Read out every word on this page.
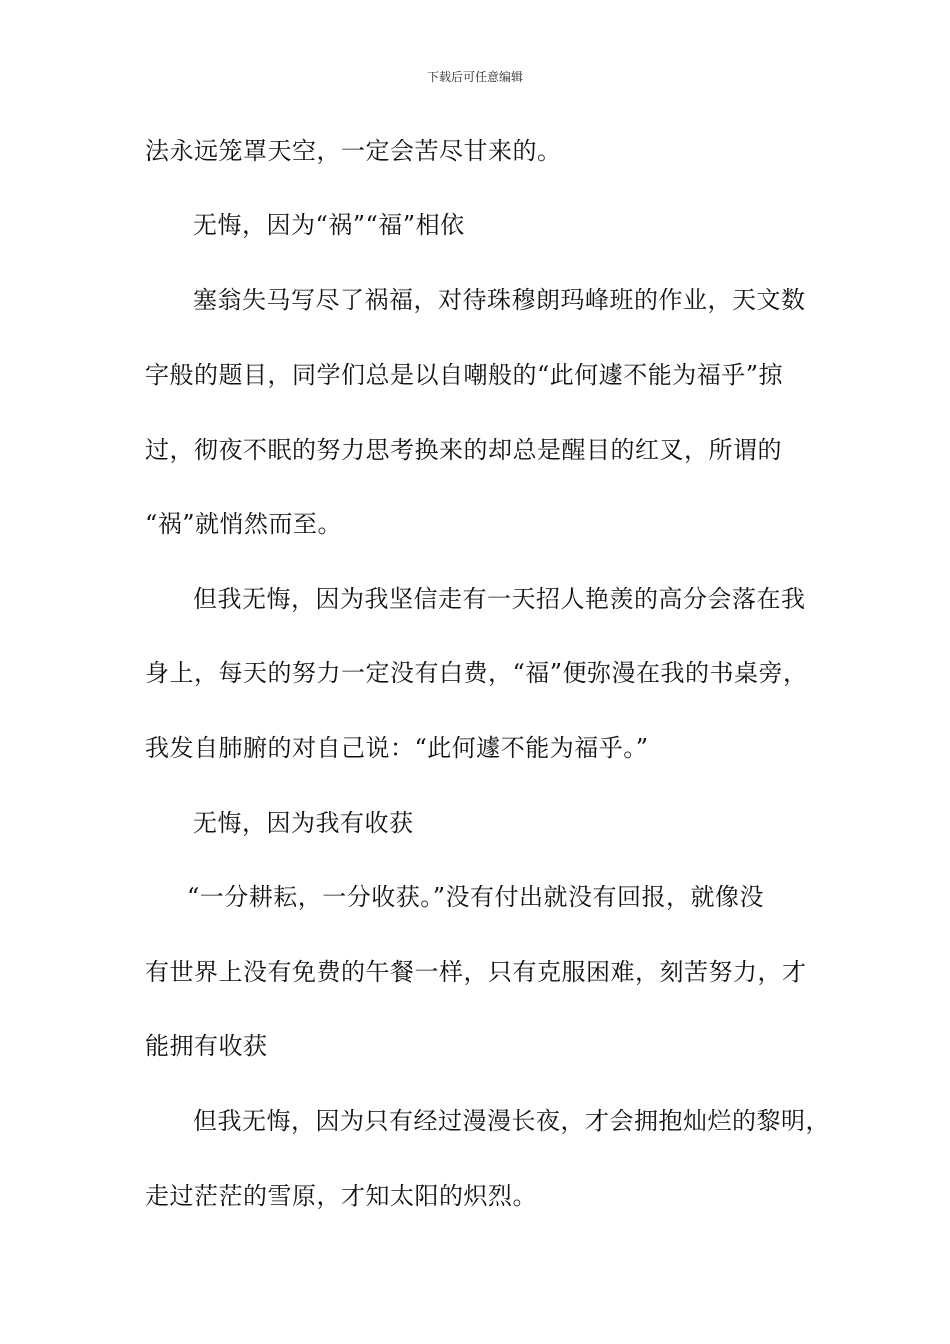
下载后可任意编辑
法永远笼罩天空，一定会苦尽甘来的。
无悔，因为“祸”“福”相依
塞翁失马写尽了祸福，对待珠穆朗玛峰班的作业，天文数
字般的题目，同学们总是以自嘲般的“此何遽不能为福乎”掠
过，彻夜不眠的努力思考换来的却总是醒目的红叉，所谓的
“祸”就悄然而至。
但我无悔，因为我坚信走有一天招人艳羡的高分会落在我
身上，每天的努力一定没有白费，“福”便弥漫在我的书桌旁，
我发自肺腑的对自己说：“此何遽不能为福乎。”
无悔，因为我有收获
“一分耕耘，一分收获。”没有付出就没有回报，就像没
有世界上没有免费的午餐一样，只有克服困难，刻苦努力，才
能拥有收获
但我无悔，因为只有经过漫漫长夜，才会拥抱灿烂的黎明，
走过茫茫的雪原，才知太阳的炽烈。
